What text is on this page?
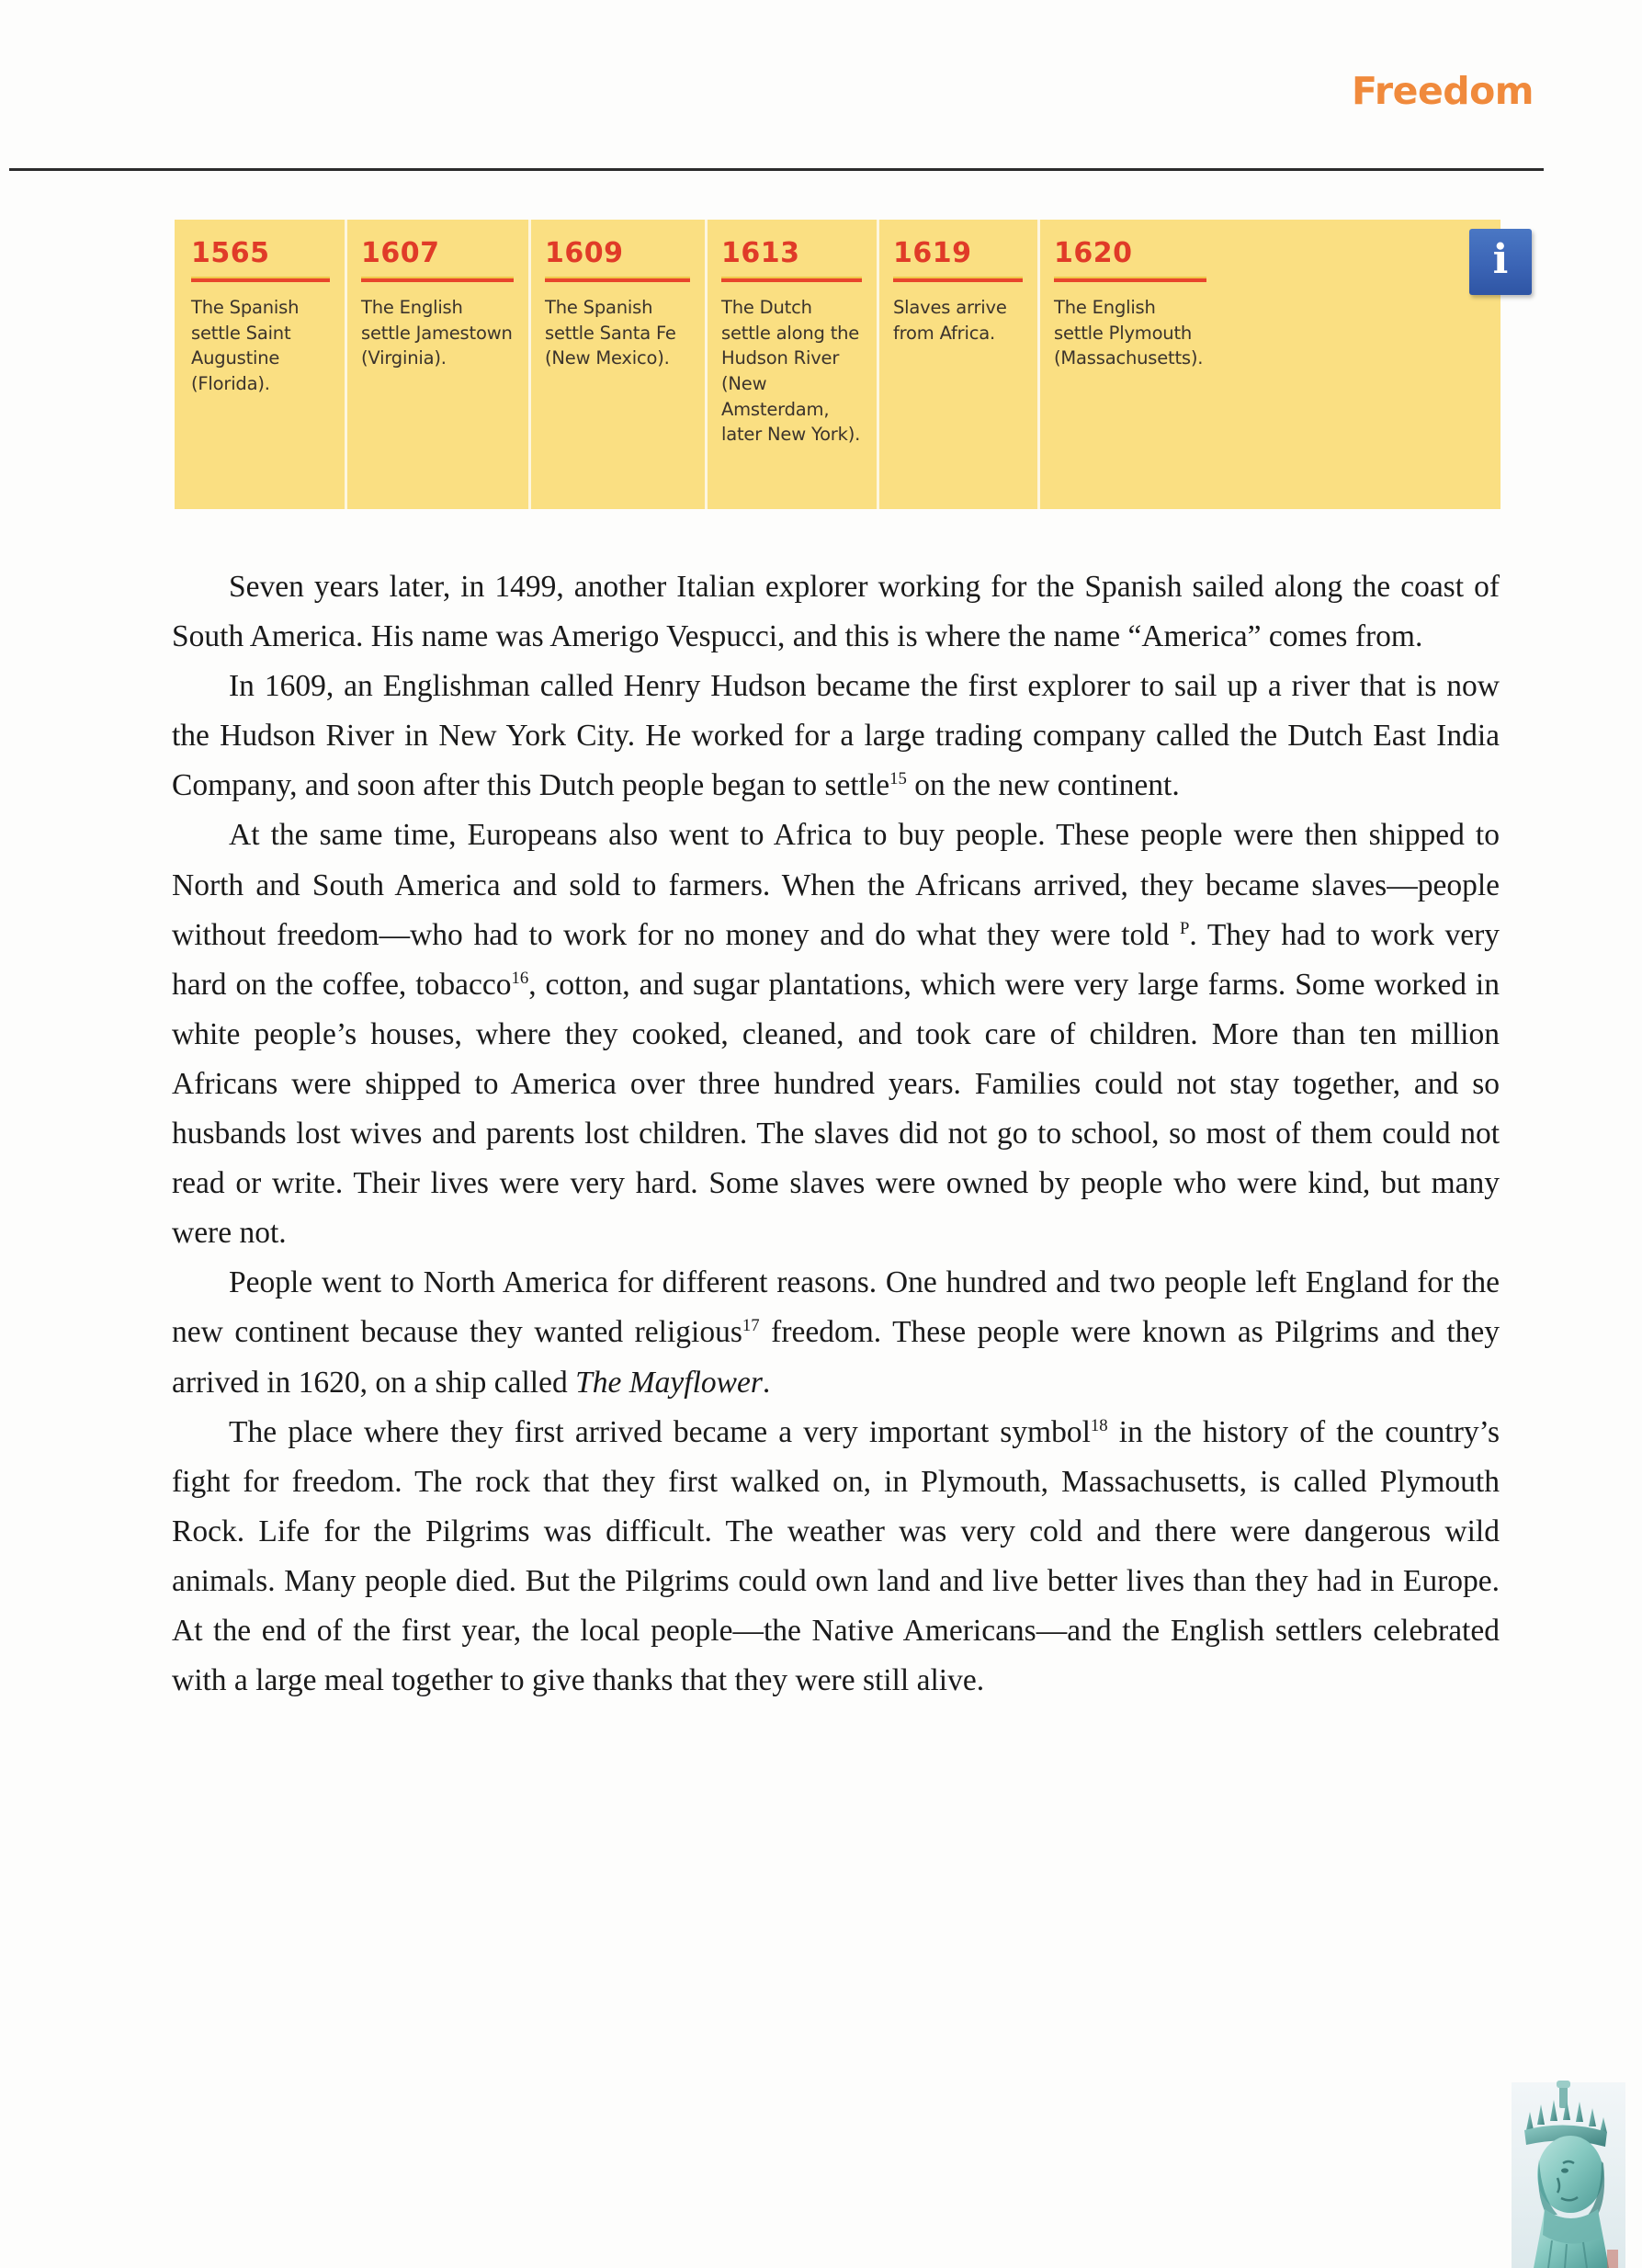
Freedom
1565
The Spanish settle Saint Augustine (Florida).
1607
The English settle Jamestown (Virginia).
1609
The Spanish settle Santa Fe (New Mexico).
1613
The Dutch settle along the Hudson River (New Amsterdam, later New York).
1619
Slaves arrive from Africa.
1620
The English settle Plymouth (Massachusetts).
i

Seven years later, in 1499, another Italian explorer working for the Spanish sailed along the coast of South America. His name was Amerigo Vespucci, and this is where the name “America” comes from.

In 1609, an Englishman called Henry Hudson became the first explorer to sail up a river that is now the Hudson River in New York City. He worked for a large trading company called the Dutch East India Company, and soon after this Dutch people began to settle$^{15}$ on the new continent.

At the same time, Europeans also went to Africa to buy people. These people were then shipped to North and South America and sold to farmers. When the Africans arrived, they became slaves—people without freedom—who had to work for no money and do what they were told $^P$. They had to work very hard on the coffee, tobacco$^{16}$, cotton, and sugar plantations, which were very large farms. Some worked in white people’s houses, where they cooked, cleaned, and took care of children. More than ten million Africans were shipped to America over three hundred years. Families could not stay together, and so husbands lost wives and parents lost children. The slaves did not go to school, so most of them could not read or write. Their lives were very hard. Some slaves were owned by people who were kind, but many were not.

People went to North America for different reasons. One hundred and two people left England for the new continent because they wanted religious$^{17}$ freedom. These people were known as Pilgrims and they arrived in 1620, on a ship called The Mayflower.

The place where they first arrived became a very important symbol$^{18}$ in the history of the country’s fight for freedom. The rock that they first walked on, in Plymouth, Massachusetts, is called Plymouth Rock. Life for the Pilgrims was difficult. The weather was very cold and there were dangerous wild animals. Many people died. But the Pilgrims could own land and live better lives than they had in Europe. At the end of the first year, the local people—the Native Americans—and the English settlers celebrated with a large meal together to give thanks that they were still alive.
